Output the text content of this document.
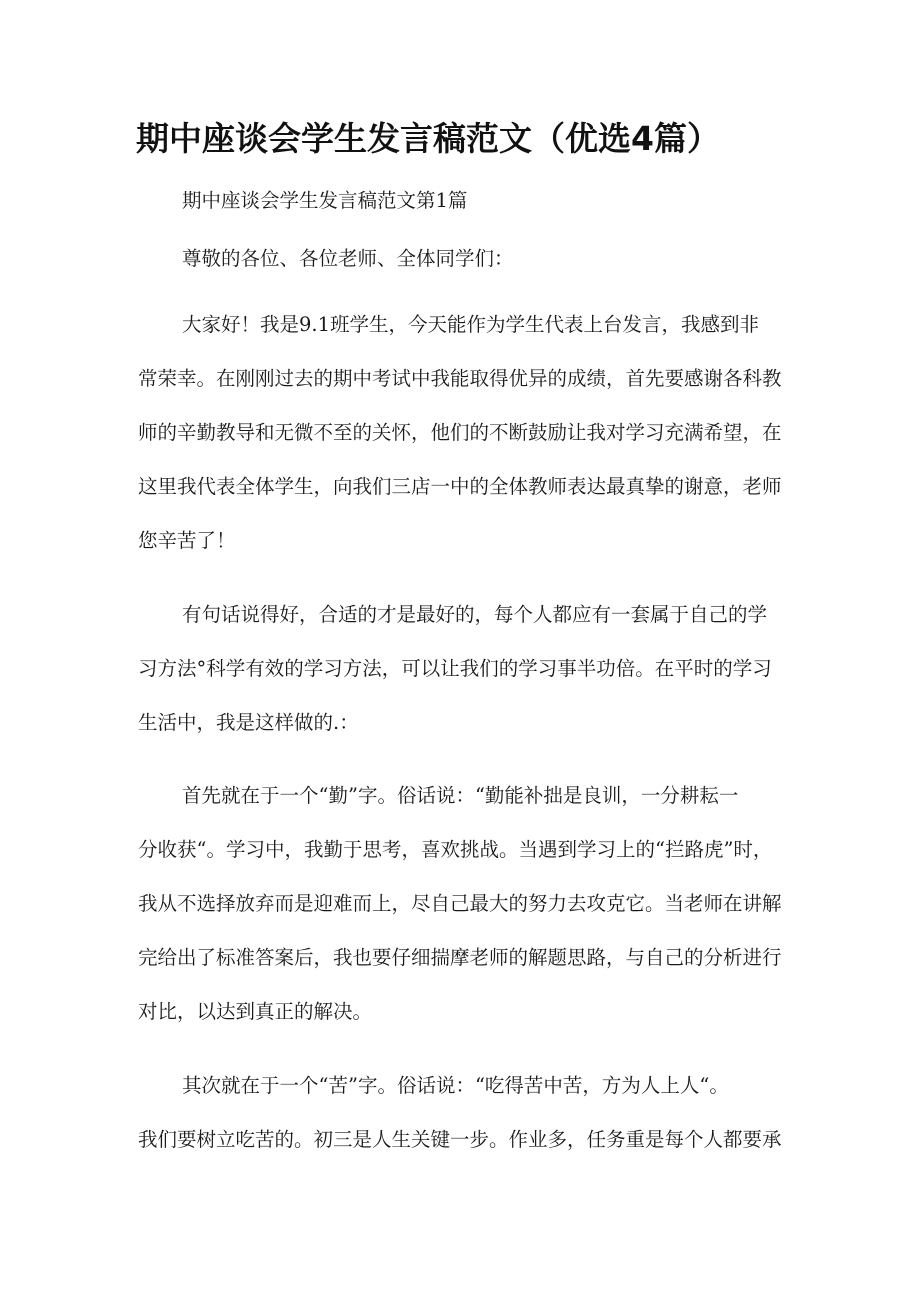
期中座谈会学生发言稿范文（优选4篇）
期中座谈会学生发言稿范文第1篇
尊敬的各位、各位老师、全体同学们：
大家好！我是9.1班学生，今天能作为学生代表上台发言，我感到非
常荣幸。在刚刚过去的期中考试中我能取得优异的成绩，首先要感谢各科教
师的辛勤教导和无微不至的关怀，他们的不断鼓励让我对学习充满希望，在
这里我代表全体学生，向我们三店一中的全体教师表达最真挚的谢意，老师
您辛苦了！
有句话说得好，合适的才是最好的，每个人都应有一套属于自己的学
习方法°科学有效的学习方法，可以让我们的学习事半功倍。在平时的学习
生活中，我是这样做的.：
首先就在于一个“勤”字。俗话说：“勤能补拙是良训，一分耕耘一
分收获“。学习中，我勤于思考，喜欢挑战。当遇到学习上的“拦路虎”时，
我从不选择放弃而是迎难而上，尽自己最大的努力去攻克它。当老师在讲解
完给出了标准答案后，我也要仔细揣摩老师的解题思路，与自己的分析进行
对比，以达到真正的解决。
其次就在于一个“苦”字。俗话说：“吃得苦中苦，方为人上人“。
我们要树立吃苦的。初三是人生关键一步。作业多，任务重是每个人都要承
